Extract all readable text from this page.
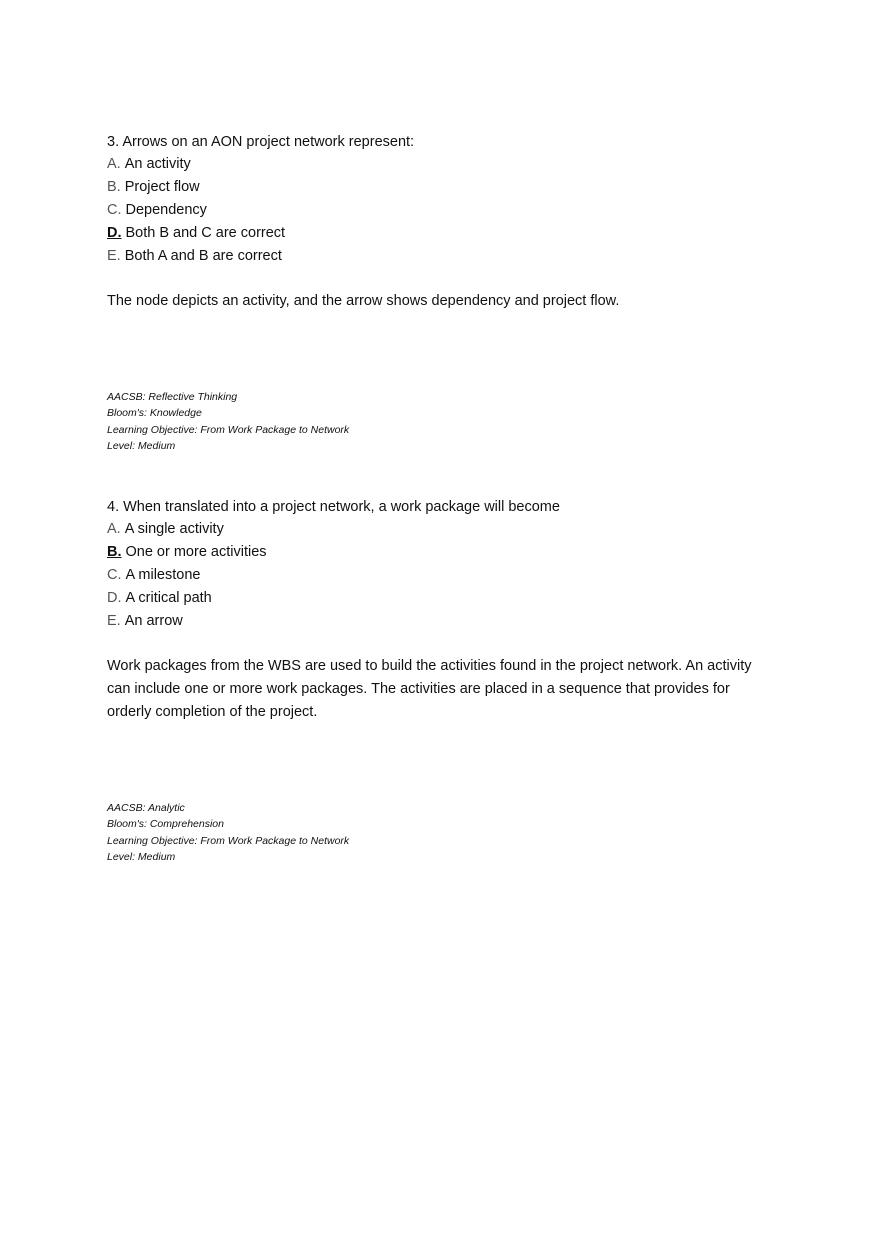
3. Arrows on an AON project network represent:
A. An activity
B. Project flow
C. Dependency
D. Both B and C are correct
E. Both A and B are correct
The node depicts an activity, and the arrow shows dependency and project flow.
AACSB: Reflective Thinking
Bloom's: Knowledge
Learning Objective: From Work Package to Network
Level: Medium
4. When translated into a project network, a work package will become
A. A single activity
B. One or more activities
C. A milestone
D. A critical path
E. An arrow
Work packages from the WBS are used to build the activities found in the project network. An activity can include one or more work packages. The activities are placed in a sequence that provides for orderly completion of the project.
AACSB: Analytic
Bloom's: Comprehension
Learning Objective: From Work Package to Network
Level: Medium
